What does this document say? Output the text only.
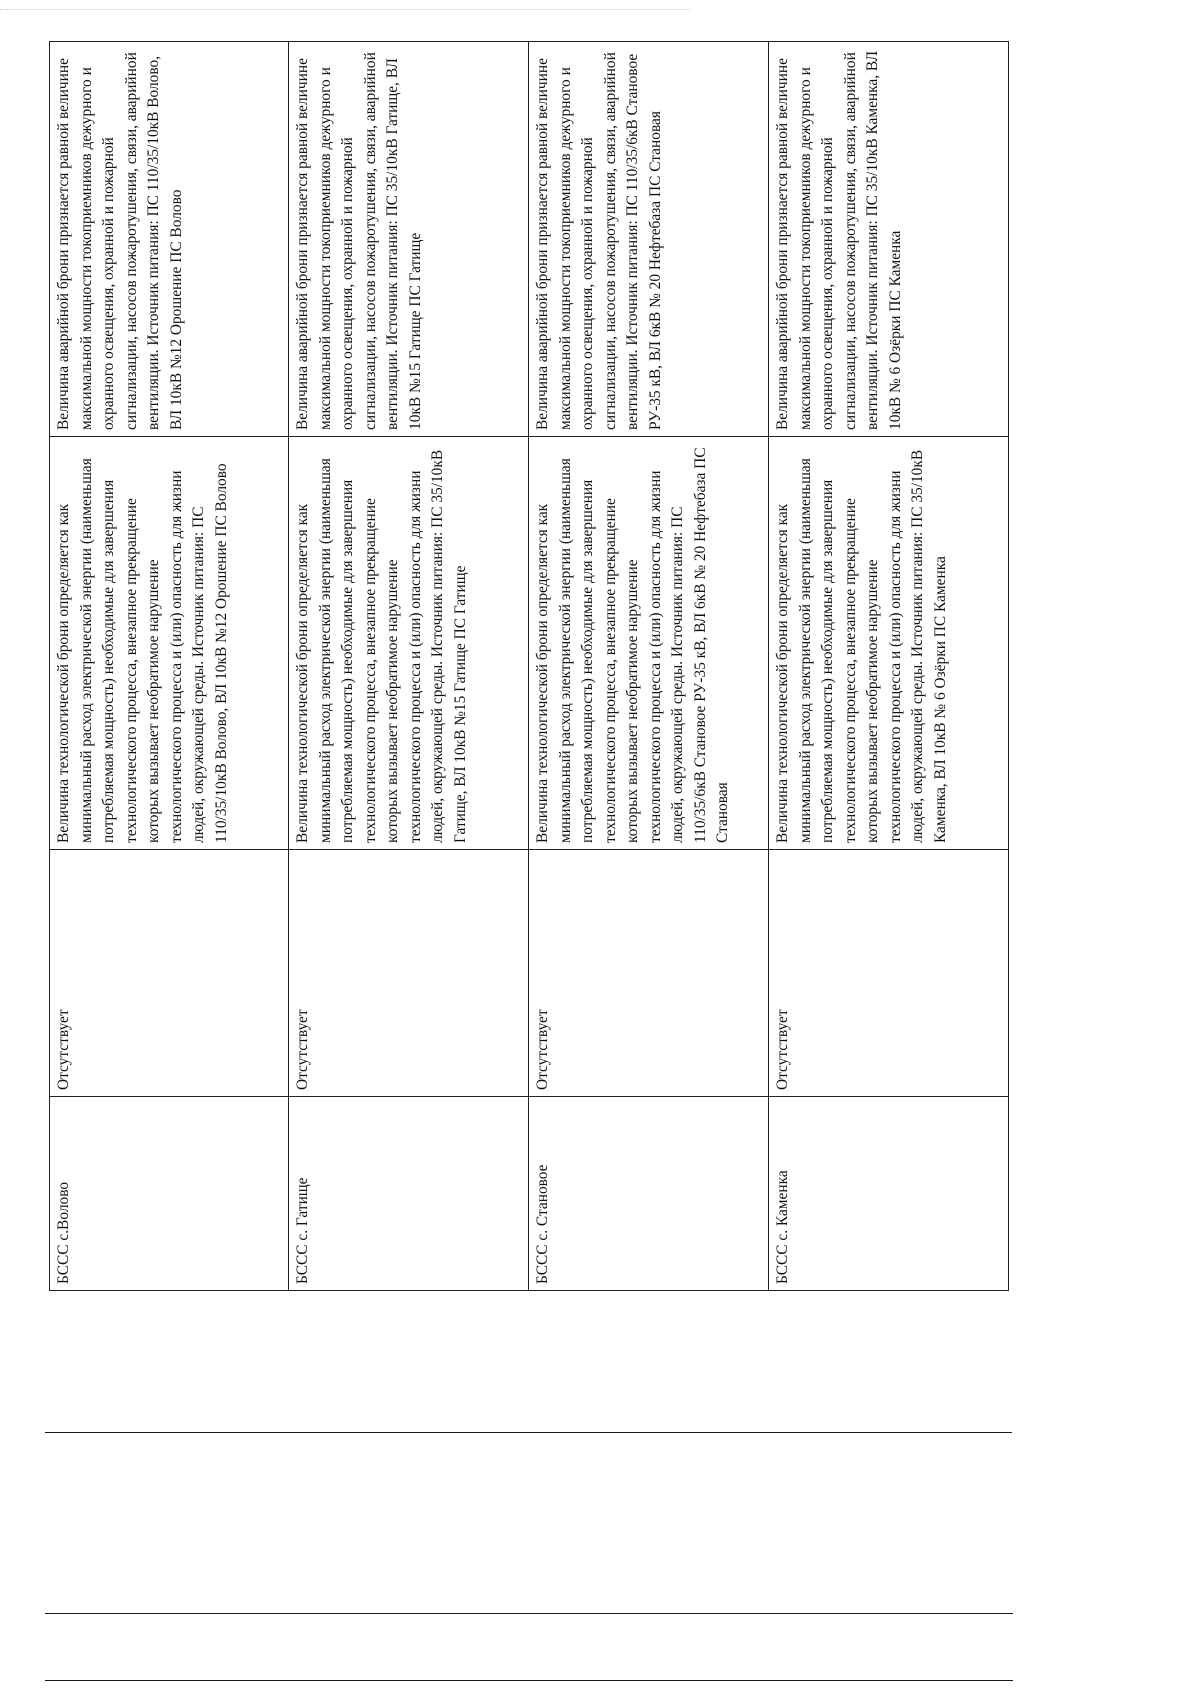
БССС с.Волово
Отсутствует
Величина технологической брони определяется как минимальный расход электрической энергии (наименьшая потребляемая мощность) необходимые для завершения технологического процесса, внезапное прекращение которых вызывает необратимое нарушение технологического процесса и (или) опасность для жизни людей, окружающей среды. Источник питания: ПС 110/35/10кВ Волово, ВЛ 10кВ №12 Орошение ПС Волово
Величина аварийной брони признается равной величине максимальной мощности токоприемников дежурного и охранного освещения, охранной и пожарной сигнализации, насосов пожаротушения, связи, аварийной вентиляции. Источник питания: ПС 110/35/10кВ Волово, ВЛ 10кВ №12 Орошение ПС Волово
БССС с. Гатище
Отсутствует
Величина технологической брони определяется как минимальный расход электрической энергии (наименьшая потребляемая мощность) необходимые для завершения технологического процесса, внезапное прекращение которых вызывает необратимое нарушение технологического процесса и (или) опасность для жизни людей, окружающей среды. Источник питания: ПС 35/10кВ Гатище, ВЛ 10кВ №15 Гатище ПС Гатище
Величина аварийной брони признается равной величине максимальной мощности токоприемников дежурного и охранного освещения, охранной и пожарной сигнализации, насосов пожаротушения, связи, аварийной вентиляции. Источник питания: ПС 35/10кВ Гатище, ВЛ 10кВ №15 Гатище ПС Гатище
БССС с. Становое
Отсутствует
Величина технологической брони определяется как минимальный расход электрической энергии (наименьшая потребляемая мощность) необходимые для завершения технологического процесса, внезапное прекращение которых вызывает необратимое нарушение технологического процесса и (или) опасность для жизни людей, окружающей среды. Источник питания: ПС 110/35/6кВ Становое РУ-35 кВ, ВЛ 6кВ № 20 Нефтебаза ПС Становая
Величина аварийной брони признается равной величине максимальной мощности токоприемников дежурного и охранного освещения, охранной и пожарной сигнализации, насосов пожаротушения, связи, аварийной вентиляции. Источник питания: ПС 110/35/6кВ Становое РУ-35 кВ, ВЛ 6кВ № 20 Нефтебаза ПС Становая
БССС с. Каменка
Отсутствует
Величина технологической брони определяется как минимальный расход электрической энергии (наименьшая потребляемая мощность) необходимые для завершения технологического процесса, внезапное прекращение которых вызывает необратимое нарушение технологического процесса и (или) опасность для жизни людей, окружающей среды. Источник питания: ПС 35/10кВ Каменка, ВЛ 10кВ № 6 Озёрки ПС Каменка
Величина аварийной брони признается равной величине максимальной мощности токоприемников дежурного и охранного освещения, охранной и пожарной сигнализации, насосов пожаротушения, связи, аварийной вентиляции. Источник питания: ПС 35/10кВ Каменка, ВЛ 10кВ № 6 Озёрки ПС Каменка
